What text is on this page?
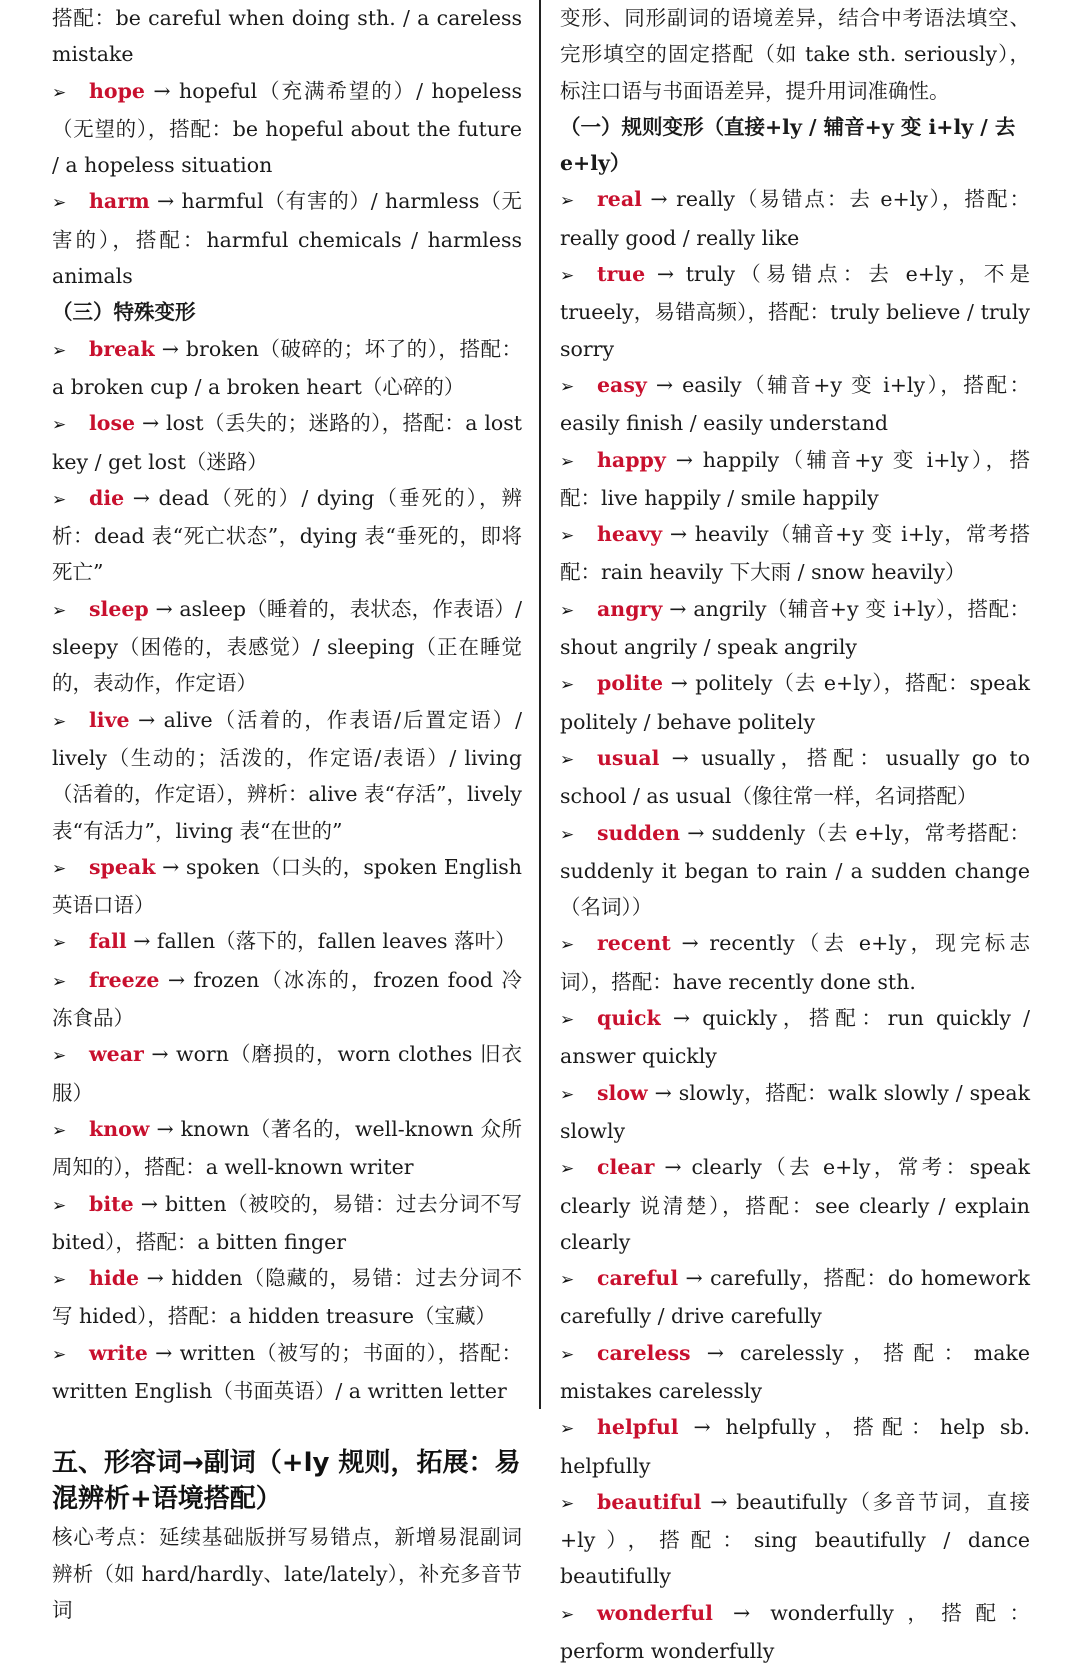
搭配：be careful when doing sth. / a careless mistake
➢ hope → hopeful（充满希望的）/ hopeless（无望的），搭配：be hopeful about the future / a hopeless situation
➢ harm → harmful（有害的）/ harmless（无害的），搭配：harmful chemicals / harmless animals
（三）特殊变形
➢ break → broken（破碎的；坏了的），搭配：a broken cup / a broken heart（心碎的）
➢ lose → lost（丢失的；迷路的），搭配：a lost key / get lost（迷路）
➢ die → dead（死的）/ dying（垂死的），辨析：dead 表“死亡状态”，dying 表“垂死的，即将死亡”
➢ sleep → asleep（睡着的，表状态，作表语）/ sleepy（困倦的，表感觉）/ sleeping（正在睡觉的，表动作，作定语）
➢ live → alive（活着的，作表语/后置定语）/ lively（生动的；活泼的，作定语/表语）/ living（活着的，作定语），辨析：alive 表“存活”，lively 表“有活力”，living 表“在世的”
➢ speak → spoken（口头的，spoken English 英语口语）
➢ fall → fallen（落下的，fallen leaves 落叶）
➢ freeze → frozen（冰冻的，frozen food 冷冻食品）
➢ wear → worn（磨损的，worn clothes 旧衣服）
➢ know → known（著名的，well-known 众所周知的），搭配：a well-known writer
➢ bite → bitten（被咬的，易错：过去分词不写 bited），搭配：a bitten finger
➢ hide → hidden（隐藏的，易错：过去分词不写 hided），搭配：a hidden treasure（宝藏）
➢ write → written（被写的；书面的），搭配：written English（书面英语）/ a written letter
五、形容词→副词（+ly 规则，拓展：易混辨析+语境搭配）
核心考点：延续基础版拼写易错点，新增易混副词辨析（如 hard/hardly、late/lately），补充多音节词
变形、同形副词的语境差异，结合中考语法填空、完形填空的固定搭配（如 take sth. seriously），标注口语与书面语差异，提升用词准确性。
（一）规则变形（直接+ly / 辅音+y 变 i+ly / 去 e+ly）
➢ real → really（易错点：去 e+ly），搭配：really good / really like
➢ true → truly（易错点：去 e+ly，不是 trueely，易错高频），搭配：truly believe / truly sorry
➢ easy → easily（辅音+y 变 i+ly），搭配：easily finish / easily understand
➢ happy → happily（辅音+y 变 i+ly），搭配：live happily / smile happily
➢ heavy → heavily（辅音+y 变 i+ly，常考搭配：rain heavily 下大雨 / snow heavily）
➢ angry → angrily（辅音+y 变 i+ly），搭配：shout angrily / speak angrily
➢ polite → politely（去 e+ly），搭配：speak politely / behave politely
➢ usual → usually，搭配：usually go to school / as usual（像往常一样，名词搭配）
➢ sudden → suddenly（去 e+ly，常考搭配：suddenly it began to rain / a sudden change（名词））
➢ recent → recently（去 e+ly，现完标志词），搭配：have recently done sth.
➢ quick → quickly，搭配：run quickly / answer quickly
➢ slow → slowly，搭配：walk slowly / speak slowly
➢ clear → clearly（去 e+ly，常考：speak clearly 说清楚），搭配：see clearly / explain clearly
➢ careful → carefully，搭配：do homework carefully / drive carefully
➢ careless → carelessly，搭配：make mistakes carelessly
➢ helpful → helpfully，搭配：help sb. helpfully
➢ beautiful → beautifully（多音节词，直接+ly），搭配：sing beautifully / dance beautifully
➢ wonderful → wonderfully，搭配：perform wonderfully
